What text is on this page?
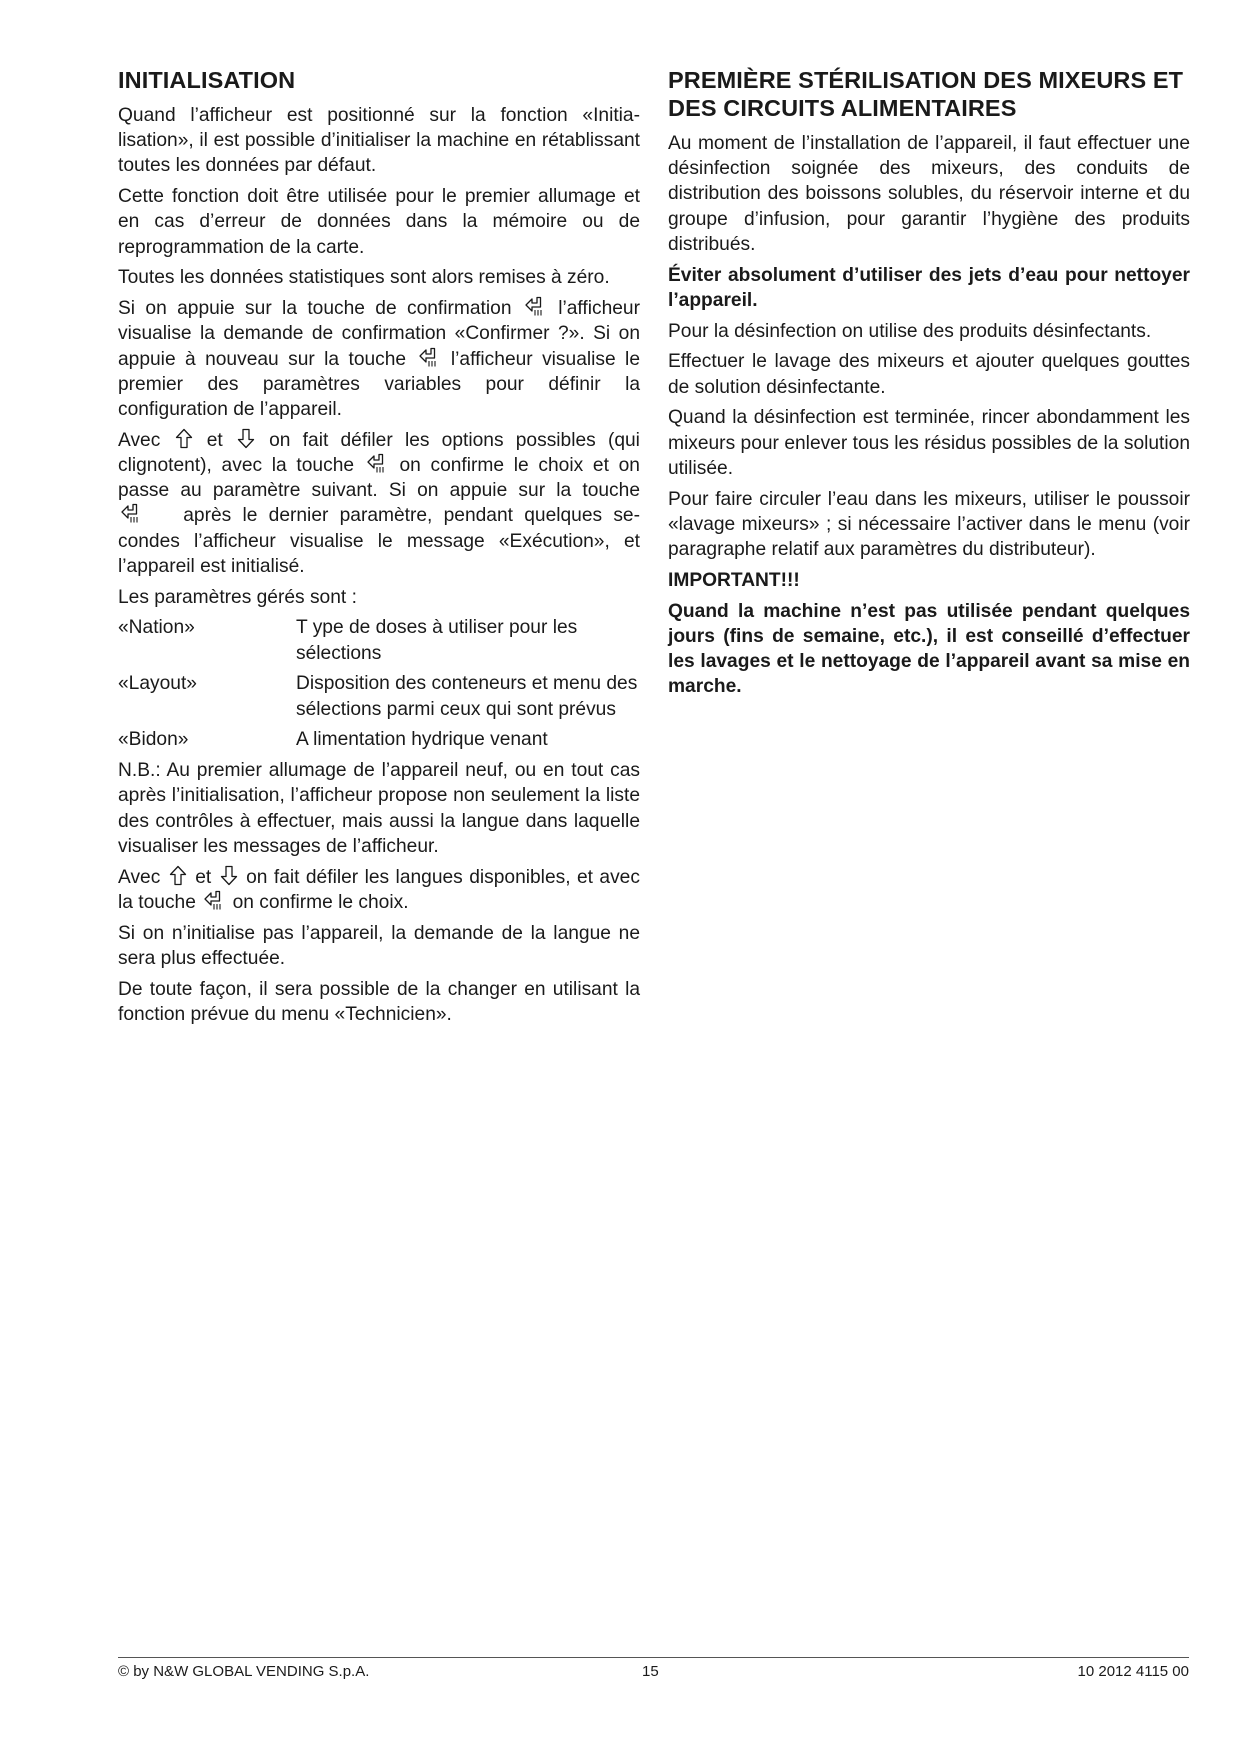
INITIALISATION

Quand l’afficheur est positionné sur la fonction «Initialisation», il est possible d’initialiser la machine en rétablissant toutes les données par défaut.

Cette fonction doit être utilisée pour le premier allumage et en cas d’erreur de données dans la mémoire ou de reprogrammation de la carte.

Toutes les données statistiques sont alors remises à zéro.

Si on appuie sur la touche de confirmation l’afficheur visualise la demande de confirmation «Confirmer ?». Si on appuie à nouveau sur la touche l’afficheur visualise le premier des paramètres variables pour définir la configuration de l’appareil.

Avec et on fait défiler les options possibles (qui clignotent), avec la touche on confirme le choix et on passe au paramètre suivant. Si on appuie sur la touche
après le dernier paramètre, pendant quelques secondes l’afficheur visualise le message «Exécution», et l’appareil est initialisé.

Les paramètres gérés sont :

«Nation»	T ype de doses à utiliser pour les sélections
«Layout»	Disposition des conteneurs et menu des sélections parmi ceux qui sont prévus
«Bidon»	A limentation hydrique venant

N.B.: Au premier allumage de l’appareil neuf, ou en tout cas après l’initialisation, l’afficheur propose non seulement la liste des contrôles à effectuer, mais aussi la langue dans laquelle visualiser les messages de l’afficheur.

Avec et on fait défiler les langues disponibles, et avec la touche on confirme le choix.

Si on n’initialise pas l’appareil, la demande de la langue ne sera plus effectuée.

De toute façon, il sera possible de la changer en utilisant la fonction prévue du menu «Technicien».

PREMIÈRE STÉRILISATION DES MIXEURS ET DES CIRCUITS ALIMENTAIRES

Au moment de l’installation de l’appareil, il faut effectuer une désinfection soignée des mixeurs, des conduits de distribution des boissons solubles, du réservoir interne et du groupe d’infusion, pour garantir l’hygiène des produits distribués.

Éviter absolument d’utiliser des jets d’eau pour nettoyer l’appareil.

Pour la désinfection on utilise des produits désinfectants.

Effectuer le lavage des mixeurs et ajouter quelques gouttes de solution désinfectante.

Quand la désinfection est terminée, rincer abondamment les mixeurs pour enlever tous les résidus possibles de la solution utilisée.

Pour faire circuler l’eau dans les mixeurs, utiliser le poussoir «lavage mixeurs» ; si nécessaire l’activer dans le menu (voir paragraphe relatif aux paramètres du distributeur).

IMPORTANT!!!

Quand la machine n’est pas utilisée pendant quelques jours (fins de semaine, etc.), il est conseillé d’effectuer les lavages et le nettoyage de l’appareil avant sa mise en marche.

© by N&W GLOBAL VENDING S.p.A.	15	10 2012 4115 00
